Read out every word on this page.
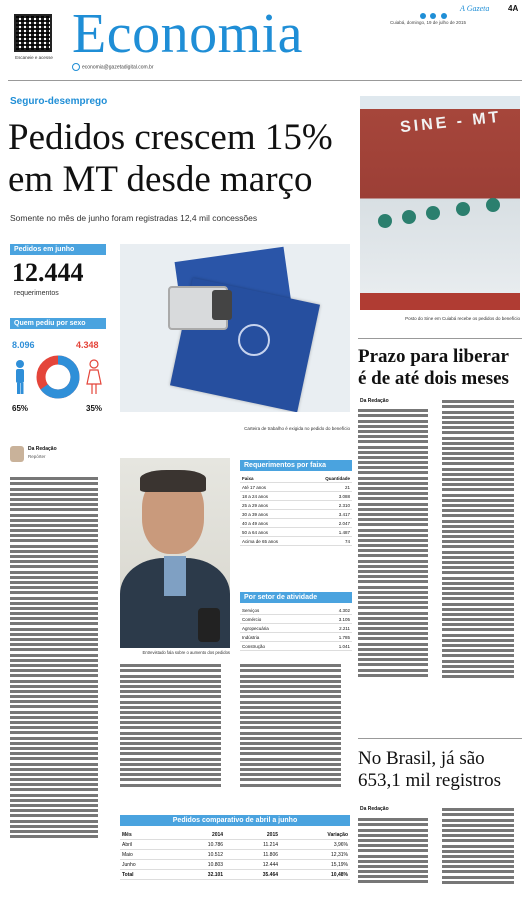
Escaneie e acesse Economia
economia@gazetadigital.com.br

A Gazeta 4A
Cuiabá, domingo, 19 de julho de 2015
Seguro-desemprego
Pedidos crescem 15%
em MT desde março
Somente no mês de junho foram registradas 12,4 mil concessões
SINE - MT
Posto do Sine em Cuiabá recebe os pedidos do benefício
Pedidos em junho
12.444
requerimentos
Quem pediu por sexo
8.096	4.348
65%	35%
Carteira de trabalho é exigida no pedido do benefício
Da Redação
Repórter
Entrevistado fala sobre o aumento dos pedidos
Requerimentos por faixa
Faixa	Quantidade
Até 17 anos	21
18 a 24 anos	3.088
25 a 29 anos	2.310
30 a 39 anos	3.417
40 a 49 anos	2.047
50 a 64 anos	1.487
Acima de 65 anos	74
Por setor de atividade
Serviços	4.302
Comércio	3.105
Agropecuária	2.211
Indústria	1.785
Construção	1.041
Prazo para liberar
é de até dois meses
Da Redação
No Brasil, já são
653,1 mil registros
Da Redação
Pedidos comparativo de abril a junho
Mês	2014	2015	Variação
Abril	10.786	11.214	3,96%
Maio	10.512	11.806	12,31%
Junho	10.803	12.444	15,19%
Total	32.101	35.464	10,48%
